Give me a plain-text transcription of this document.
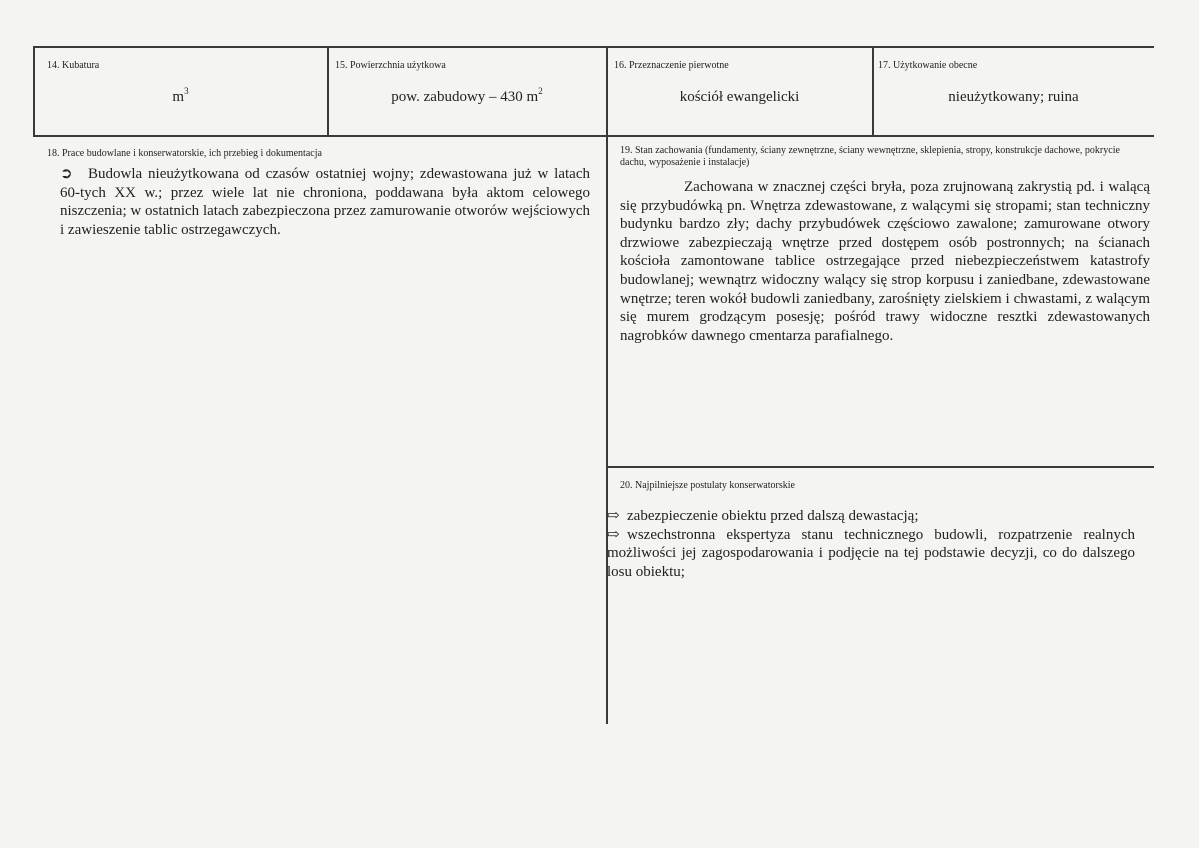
14. Kubatura
$m^3$
15. Powierzchnia użytkowa
pow. zabudowy – 430 $m^2$
16. Przeznaczenie pierwotne
kościół ewangelicki
17. Użytkowanie obecne
nieużytkowany; ruina
18. Prace budowlane i konserwatorskie, ich przebieg i dokumentacja
➲ Budowla nieużytkowana od czasów ostatniej wojny; zdewastowana już w latach 60-tych XX w.; przez wiele lat nie chroniona, poddawana była aktom celowego niszczenia; w ostatnich latach zabezpieczona przez zamurowanie otworów wejściowych i zawieszenie tablic ostrzegawczych.
19. Stan zachowania (fundamenty, ściany zewnętrzne, ściany wewnętrzne, sklepienia, stropy, konstrukcje dachowe, pokrycie dachu, wyposażenie i instalacje)
Zachowana w znacznej części bryła, poza zrujnowaną zakrystią pd. i walącą się przybudówką pn. Wnętrza zdewastowane, z walącymi się stropami; stan techniczny budynku bardzo zły; dachy przybudówek częściowo zawalone; zamurowane otwory drzwiowe zabezpieczają wnętrze przed dostępem osób postronnych; na ścianach kościoła zamontowane tablice ostrzegające przed niebezpieczeństwem katastrofy budowlanej; wewnątrz widoczny walący się strop korpusu i zaniedbane, zdewastowane wnętrze; teren wokół budowli zaniedbany, zarośnięty zielskiem i chwastami, z walącym się murem grodzącym posesję; pośród trawy widoczne resztki zdewastowanych nagrobków dawnego cmentarza parafialnego.
20. Najpilniejsze postulaty konserwatorskie

⇨ zabezpieczenie obiektu przed dalszą dewastacją;

⇨ wszechstronna ekspertyza stanu technicznego budowli, rozpatrzenie realnych możliwości jej zagospodarowania i podjęcie na tej podstawie decyzji, co do dalszego losu obiektu;
